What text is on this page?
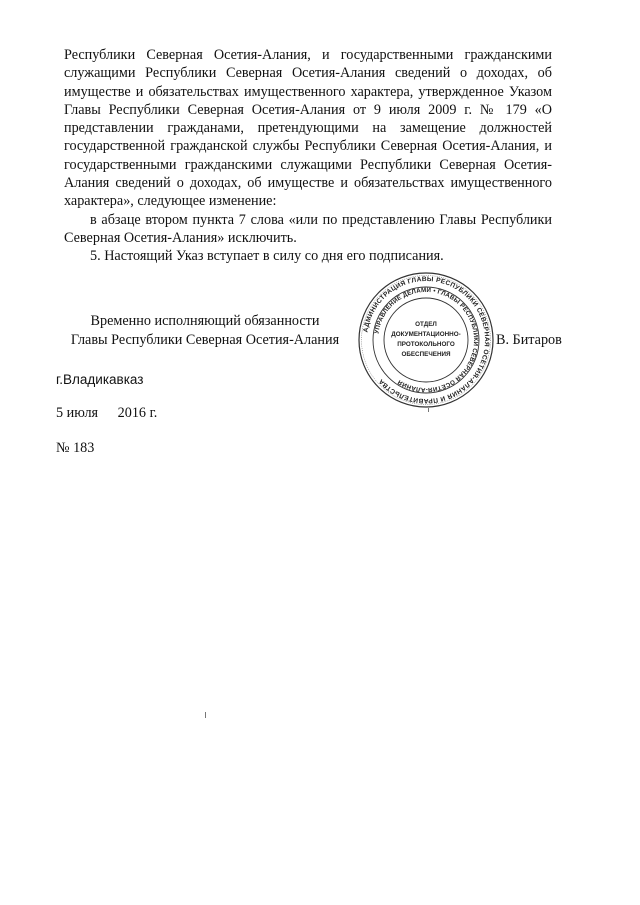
Республики Северная Осетия-Алания, и государственными гражданскими служащими Республики Северная Осетия-Алания сведений о доходах, об имуществе и обязательствах имущественного характера, утвержденное Указом Главы Республики Северная Осетия-Алания от 9 июля 2009 г. № 179 «О представлении гражданами, претендующими на замещение должностей государственной гражданской службы Республики Северная Осетия-Алания, и государственными гражданскими служащими Республики Северная Осетия-Алания сведений о доходах, об имуществе и обязательствах имущественного характера», следующее изменение:

в абзаце втором пункта 7 слова «или по представлению Главы Республики Северная Осетия-Алания» исключить.

5. Настоящий Указ вступает в силу со дня его подписания.

Временно исполняющий обязанности
Главы Республики Северная Осетия-Алания	В. Битаров
АДМИНИСТРАЦИЯ ГЛАВЫ РЕСПУБЛИКИ СЕВЕРНАЯ ОСЕТИЯ-АЛАНИЯ И ПРАВИТЕЛЬСТВА
УПРАВЛЕНИЕ ДЕЛАМИ • ГЛАВЫ РЕСПУБЛИКИ СЕВЕРНАЯ ОСЕТИЯ-АЛАНИЯ
ОТДЕЛ
ДОКУМЕНТАЦИОННО-
ПРОТОКОЛЬНОГО
ОБЕСПЕЧЕНИЯ
г.Владикавказ
5 июля 2016 г.
№ 183
